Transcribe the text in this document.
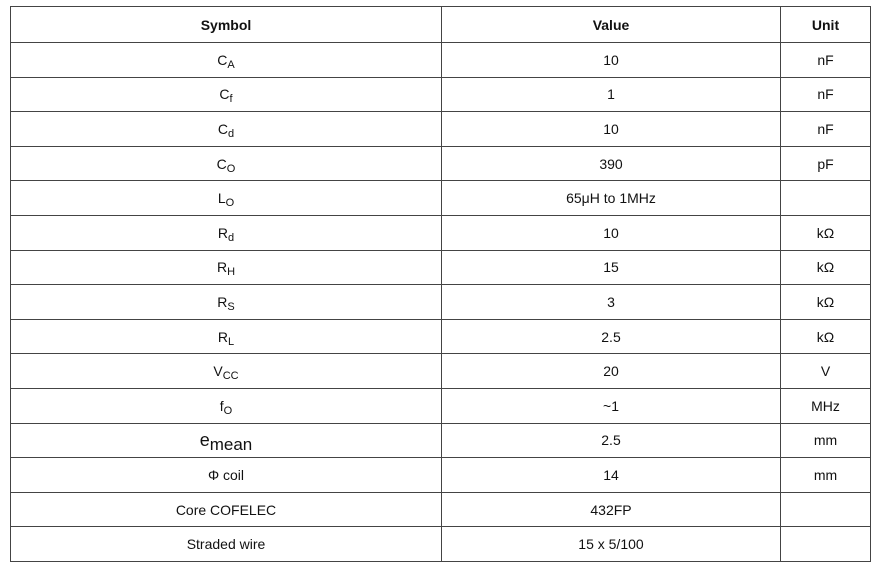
Symbol	Value	Unit
$C_A$	10	nF
$C_f$	1	nF
$C_d$	10	nF
$C_O$	390	pF
$L_O$	65μH to 1MHz	
$R_d$	10	kΩ
$R_H$	15	kΩ
$R_S$	3	kΩ
$R_L$	2.5	kΩ
$V_{CC}$	20	V
$f_O$	~1	MHz
$e_{mean}$	2.5	mm
Φ coil	14	mm
Core COFELEC	432FP	
Straded wire	15 x 5/100	
